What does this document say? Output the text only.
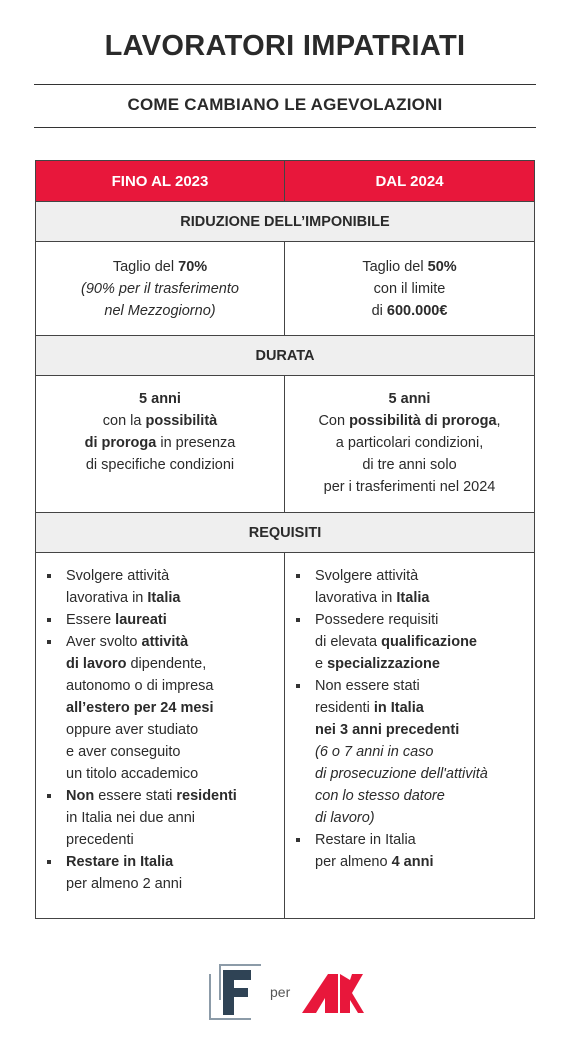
LAVORATORI IMPATRIATI
COME CAMBIANO LE AGEVOLAZIONI
FINO AL 2023	DAL 2024
RIDUZIONE DELL’IMPONIBILE
Taglio del 70%
(90% per il trasferimento
nel Mezzogiorno)
Taglio del 50%
con il limite
di 600.000€
DURATA
5 anni
con la possibilità
di proroga in presenza
di specifiche condizioni
5 anni
Con possibilità di proroga,
a particolari condizioni,
di tre anni solo
per i trasferimenti nel 2024
REQUISITI
Svolgere attività
lavorativa in Italia
Essere laureati
Aver svolto attività
di lavoro dipendente,
autonomo o di impresa
all’estero per 24 mesi
oppure aver studiato
e aver conseguito
un titolo accademico
Non essere stati residenti
in Italia nei due anni
precedenti
Restare in Italia
per almeno 2 anni
Svolgere attività
lavorativa in Italia
Possedere requisiti
di elevata qualificazione
e specializzazione
Non essere stati
residenti in Italia
nei 3 anni precedenti
(6 o 7 anni in caso
di prosecuzione dell'attività
con lo stesso datore
di lavoro)
Restare in Italia
per almeno 4 anni
per
